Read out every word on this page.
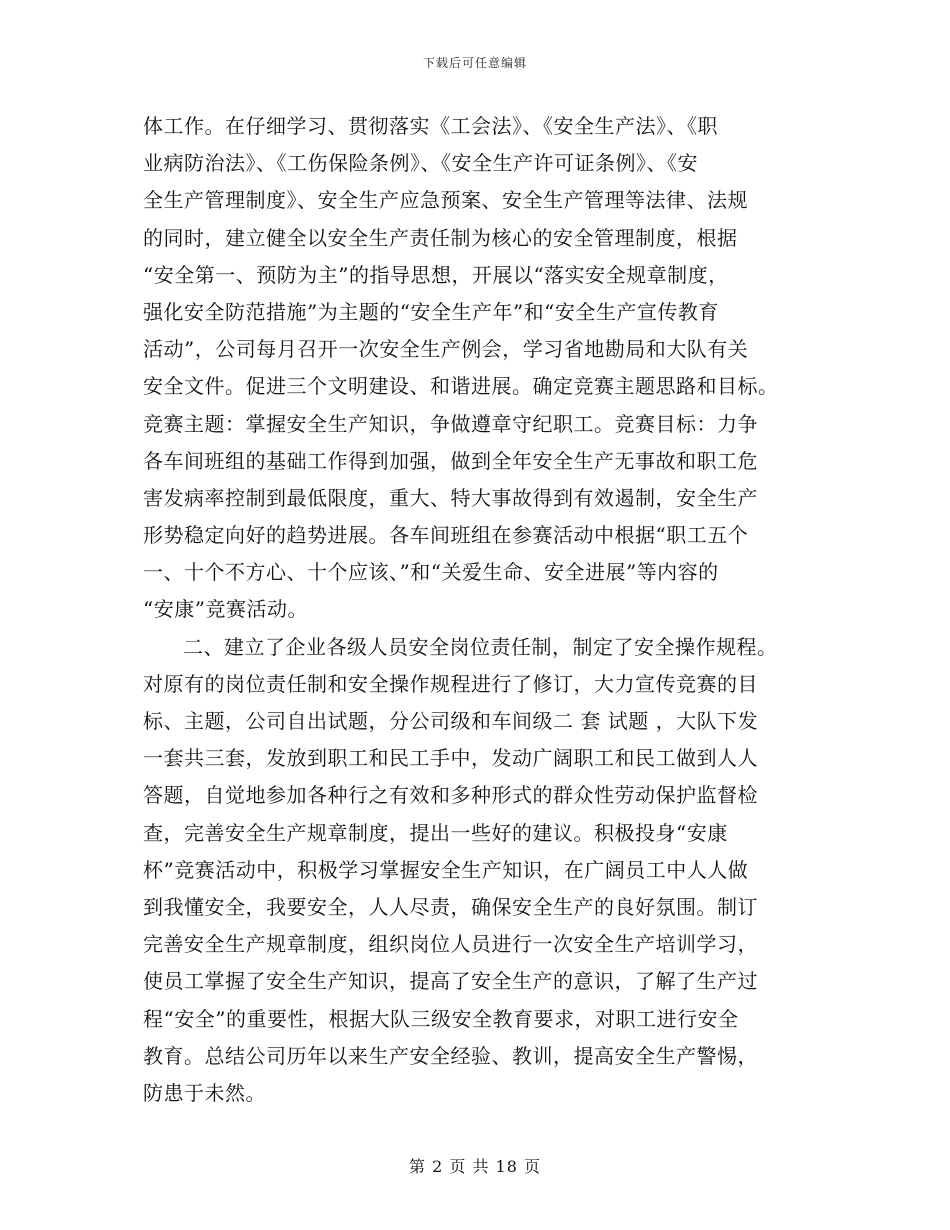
下载后可任意编辑
体工作。在仔细学习、贯彻落实《工会法》、《安全生产法》、《职
业病防治法》、《工伤保险条例》、《安全生产许可证条例》、《安
全生产管理制度》、安全生产应急预案、安全生产管理等法律、法规
的同时，建立健全以安全生产责任制为核心的安全管理制度，根据
“安全第一、预防为主”的指导思想，开展以“落实安全规章制度，
强化安全防范措施”为主题的“安全生产年”和“安全生产宣传教育
活动”，公司每月召开一次安全生产例会，学习省地勘局和大队有关
安全文件。促进三个文明建设、和谐进展。确定竞赛主题思路和目标。
竞赛主题：掌握安全生产知识，争做遵章守纪职工。竞赛目标：力争
各车间班组的基础工作得到加强，做到全年安全生产无事故和职工危
害发病率控制到最低限度，重大、特大事故得到有效遏制，安全生产
形势稳定向好的趋势进展。各车间班组在参赛活动中根据“职工五个
一、十个不方心、十个应该、”和“关爱生命、安全进展”等内容的
“安康”竞赛活动。
二、建立了企业各级人员安全岗位责任制，制定了安全操作规程。
对原有的岗位责任制和安全操作规程进行了修订，大力宣传竞赛的目
标、主题，公司自出试题，分公司级和车间级二 套 试题 ，大队下发
一套共三套，发放到职工和民工手中，发动广阔职工和民工做到人人
答题，自觉地参加各种行之有效和多种形式的群众性劳动保护监督检
查，完善安全生产规章制度，提出一些好的建议。积极投身“安康
杯”竞赛活动中，积极学习掌握安全生产知识，在广阔员工中人人做
到我懂安全，我要安全，人人尽责，确保安全生产的良好氛围。制订
完善安全生产规章制度，组织岗位人员进行一次安全生产培训学习，
使员工掌握了安全生产知识，提高了安全生产的意识，了解了生产过
程“安全”的重要性，根据大队三级安全教育要求，对职工进行安全
教育。总结公司历年以来生产安全经验、教训，提高安全生产警惕，
防患于未然。
第 2 页 共 18 页
